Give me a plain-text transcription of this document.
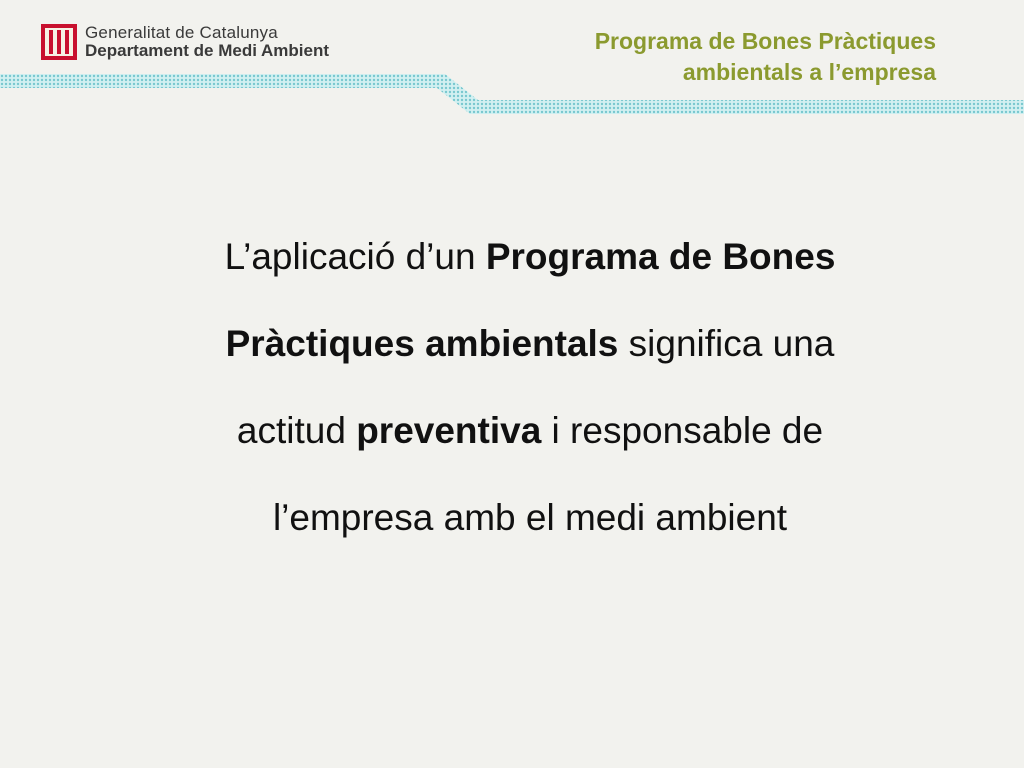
Generalitat de Catalunya
Departament de Medi Ambient	Programa de Bones Pràctiques
ambientals a l’empresa
L’aplicació d’un Programa de Bones
Pràctiques ambientals significa una
actitud preventiva i responsable de
l’empresa amb el medi ambient
